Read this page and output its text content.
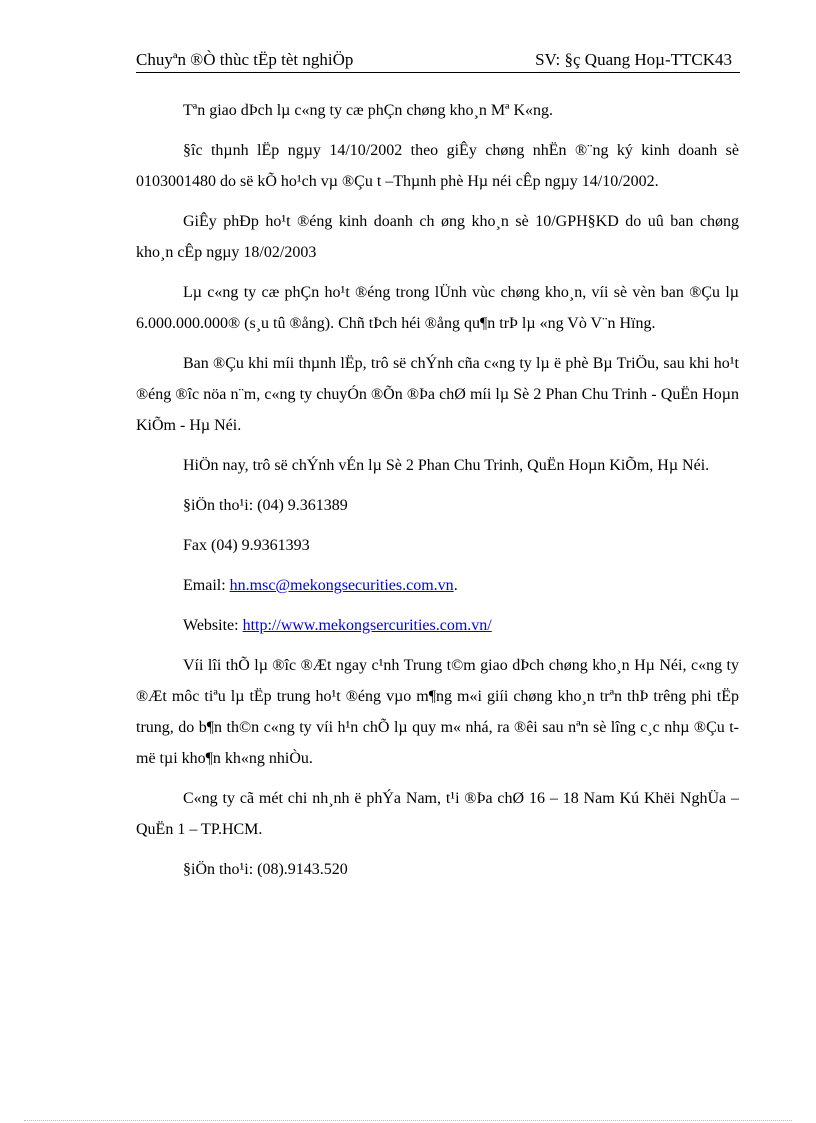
Chuyªn ®Ò thùc tËp tèt nghiÖp	SV: §ç Quang Hoµ-TTCK43

Tªn giao dÞch lµ c«ng ty cæ phÇn chøng kho¸n Mª K«ng.

§îc thµnh lËp ngµy 14/10/2002 theo giÊy chøng nhËn ®¨ng ký kinh doanh sè 0103001480 do së kÕ ho¹ch vµ ®Çu t –Thµnh phè Hµ néi cÊp ngµy 14/10/2002.

GiÊy phÐp ho¹t ®éng kinh doanh ch øng kho¸n sè 10/GPH§KD do uû ban chøng kho¸n cÊp ngµy 18/02/2003

Lµ c«ng ty cæ phÇn ho¹t ®éng trong lÜnh vùc chøng kho¸n, víi sè vèn ban ®Çu lµ 6.000.000.000® (s¸u tû ®ång). Chñ tÞch héi ®ång qu¶n trÞ lµ «ng Vò V¨n Hïng.

Ban ®Çu khi míi thµnh lËp, trô së chÝnh cña c«ng ty lµ ë phè Bµ TriÖu, sau khi ho¹t ®éng ®îc nöa n¨m, c«ng ty chuyÓn ®Õn ®Þa chØ míi lµ Sè 2 Phan Chu Trinh - QuËn Hoµn KiÕm - Hµ Néi.

HiÖn nay, trô së chÝnh vÉn lµ Sè 2 Phan Chu Trinh, QuËn Hoµn KiÕm, Hµ Néi.

§iÖn tho¹i: (04) 9.361389

Fax (04) 9.9361393

Email: hn.msc@mekongsecurities.com.vn.

Website: http://www.mekongsercurities.com.vn/

Víi lîi thÕ lµ ®îc ®Æt ngay c¹nh Trung t©m giao dÞch chøng kho¸n Hµ Néi, c«ng ty ®Æt môc tiªu lµ tËp trung ho¹t ®éng vµo m¶ng m«i giíi chøng kho¸n trªn thÞ trêng phi tËp trung, do b¶n th©n c«ng ty víi h¹n chÕ lµ quy m« nhá, ra ®êi sau nªn sè lîng c¸c nhµ ®Çu t më tµi kho¶n kh«ng nhiÒu.

C«ng ty cã mét chi nh¸nh ë phÝa Nam, t¹i ®Þa chØ 16 – 18 Nam Kú Khëi NghÜa – QuËn 1 – TP.HCM.

§iÖn tho¹i: (08).9143.520
